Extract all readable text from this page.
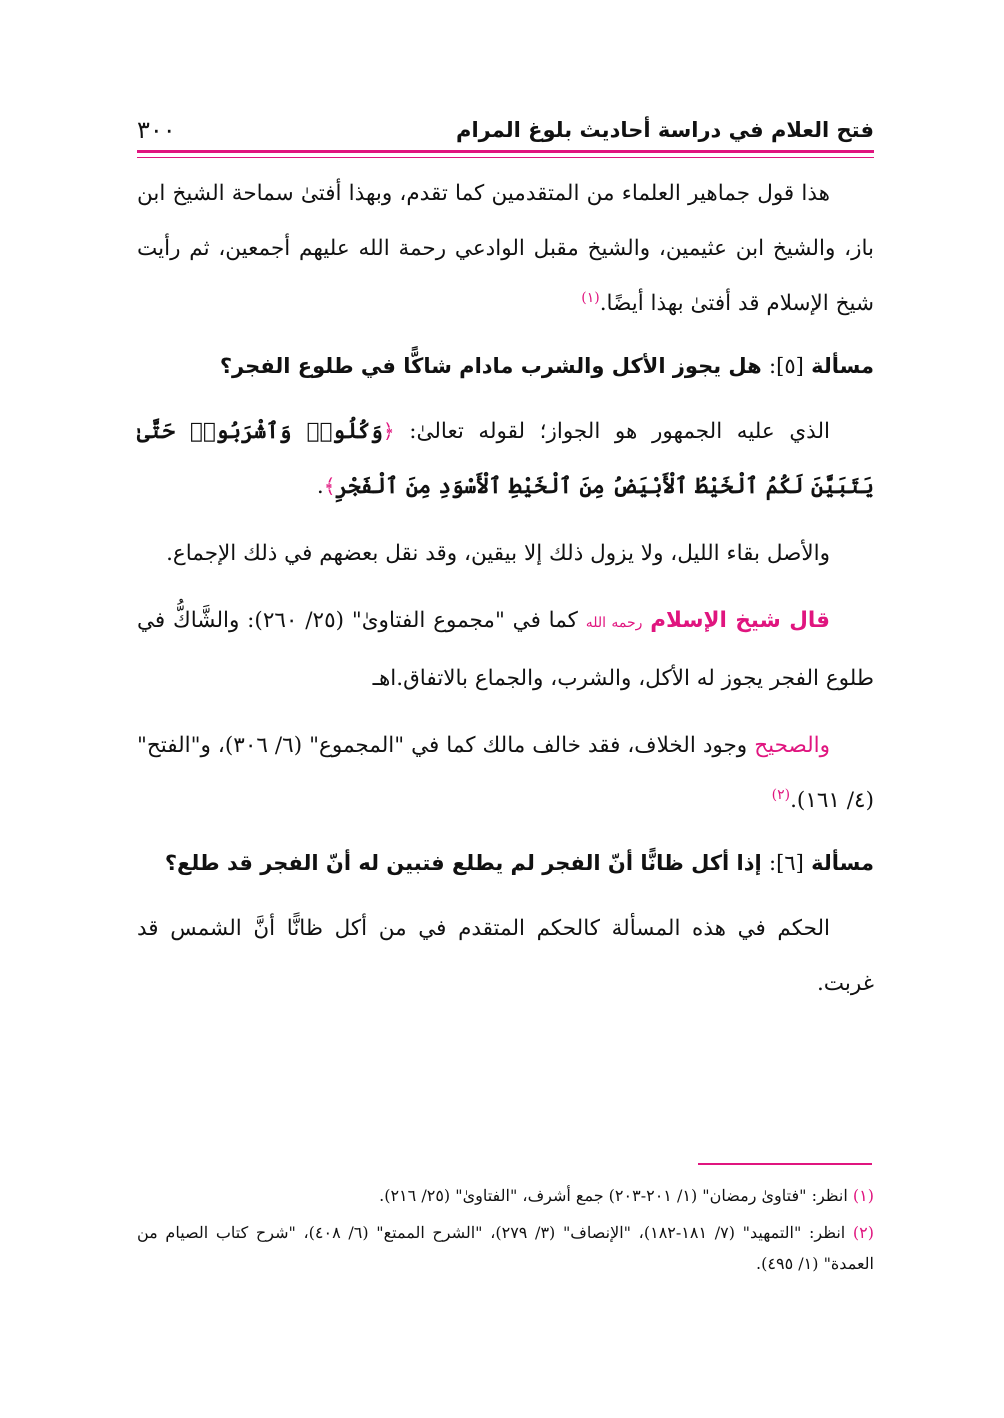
فتح العلام في دراسة أحاديث بلوغ المرام
٣٠٠

هذا قول جماهير العلماء من المتقدمين كما تقدم، وبهذا أفتىٰ سماحة الشيخ ابن باز، والشيخ ابن عثيمين، والشيخ مقبل الوادعي رحمة الله عليهم أجمعين، ثم رأيت شيخ الإسلام قد أفتىٰ بهذا أيضًا.$^{(١)}$

مسألة [٥]: هل يجوز الأكل والشرب مادام شاكًّا في طلوع الفجر؟

الذي عليه الجمهور هو الجواز؛ لقوله تعالىٰ: ﴿وَكُلُوا۟ وَٱشْرَبُوا۟ حَتَّىٰ يَتَبَيَّنَ لَكُمُ ٱلْخَيْطُ ٱلْأَبْيَضُ مِنَ ٱلْخَيْطِ ٱلْأَسْوَدِ مِنَ ٱلْفَجْرِ﴾.

والأصل بقاء الليل، ولا يزول ذلك إلا بيقين، وقد نقل بعضهم في ذلك الإجماع.

قال شيخ الإسلام رحمه الله كما في "مجموع الفتاوىٰ" (٢٥/ ٢٦٠): والشَّاكُّ في طلوع الفجر يجوز له الأكل، والشرب، والجماع بالاتفاق.اهـ

والصحيح وجود الخلاف، فقد خالف مالك كما في "المجموع" (٦/ ٣٠٦)، و"الفتح" (٤/ ١٦١).$^{(٢)}$

مسألة [٦]: إذا أكل ظانًّا أنّ الفجر لم يطلع فتبين له أنّ الفجر قد طلع؟

الحكم في هذه المسألة كالحكم المتقدم في من أكل ظانًّا أنَّ الشمس قد غربت.

(١) انظر: "فتاوىٰ رمضان" (١/ ٢٠١-٢٠٣) جمع أشرف، "الفتاوىٰ" (٢٥/ ٢١٦).

(٢) انظر: "التمهيد" (٧/ ١٨١-١٨٢)، "الإنصاف" (٣/ ٢٧٩)، "الشرح الممتع" (٦/ ٤٠٨)، "شرح كتاب الصيام من العمدة" (١/ ٤٩٥).
